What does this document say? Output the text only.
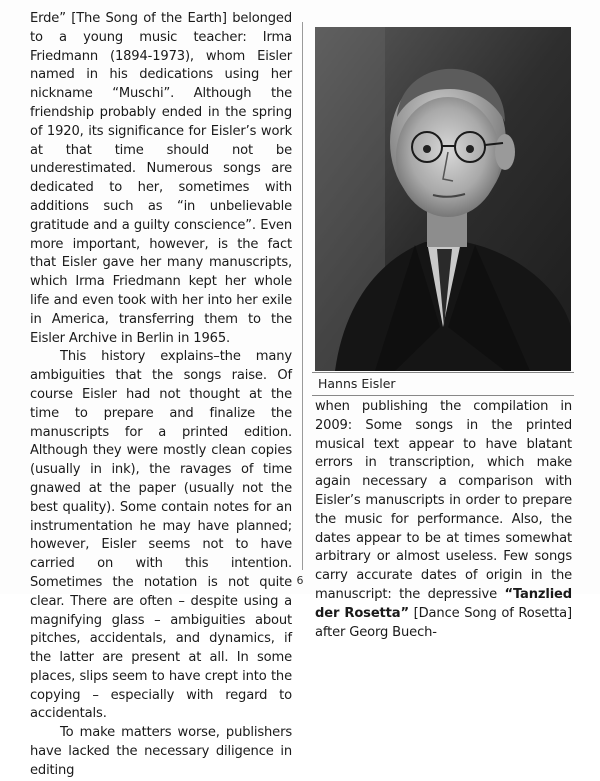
Erde” [The Song of the Earth] belonged to a young music teacher: Irma Friedmann (1894-1973), whom Eisler named in his dedications using her nickname “Muschi”. Although the friendship probably ended in the spring of 1920, its significance for Eisler’s work at that time should not be underestimated. Numerous songs are dedicated to her, sometimes with additions such as “in unbelievable gratitude and a guilty conscience”. Even more important, however, is the fact that Eisler gave her many manuscripts, which Irma Friedmann kept her whole life and even took with her into her exile in America, transferring them to the Eisler Archive in Berlin in 1965.

This history explains–the many ambiguities that the songs raise. Of course Eisler had not thought at the time to prepare and finalize the manuscripts for a printed edition. Although they were mostly clean copies (usually in ink), the ravages of time gnawed at the paper (usually not the best quality). Some contain notes for an instrumentation he may have planned; however, Eisler seems not to have carried on with this intention. Sometimes the notation is not quite clear. There are often – despite using a magnifying glass – ambiguities about pitches, accidentals, and dynamics, if the latter are present at all. In some places, slips seem to have crept into the copying – especially with regard to accidentals.

To make matters worse, publishers have lacked the necessary diligence in editing

Hanns Eisler

when publishing the compilation in 2009: Some songs in the printed musical text appear to have blatant errors in transcription, which make again necessary a comparison with Eisler’s manuscripts in order to prepare the music for performance. Also, the dates appear to be at times somewhat arbitrary or almost useless. Few songs carry accurate dates of origin in the manuscript: the depressive “Tanzlied der Rosetta” [Dance Song of Rosetta] after Georg Buech-

6
